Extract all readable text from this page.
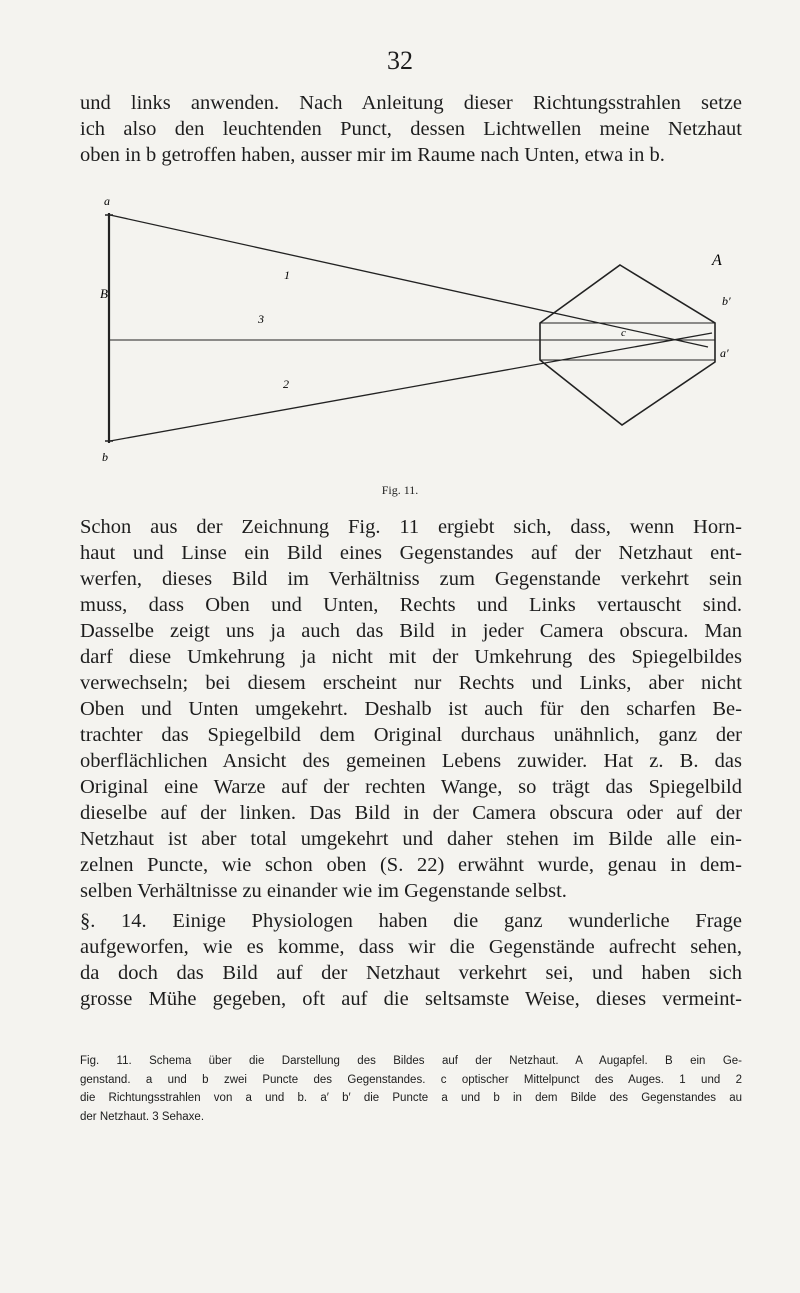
32
und links anwenden. Nach Anleitung dieser Richtungsstrahlen setze
ich also den leuchtenden Punct, dessen Lichtwellen meine Netzhaut
oben in b getroffen haben, ausser mir im Raume nach Unten, etwa in b.
a
B
b
A
1
3
2
c
b′
a′
Fig. 11.
Schon aus der Zeichnung Fig. 11 ergiebt sich, dass, wenn Horn-
haut und Linse ein Bild eines Gegenstandes auf der Netzhaut ent-
werfen, dieses Bild im Verhältniss zum Gegenstande verkehrt sein
muss, dass Oben und Unten, Rechts und Links vertauscht sind.
Dasselbe zeigt uns ja auch das Bild in jeder Camera obscura. Man
darf diese Umkehrung ja nicht mit der Umkehrung des Spiegelbildes
verwechseln; bei diesem erscheint nur Rechts und Links, aber nicht
Oben und Unten umgekehrt. Deshalb ist auch für den scharfen Be-
trachter das Spiegelbild dem Original durchaus unähnlich, ganz der
oberflächlichen Ansicht des gemeinen Lebens zuwider. Hat z. B. das
Original eine Warze auf der rechten Wange, so trägt das Spiegelbild
dieselbe auf der linken. Das Bild in der Camera obscura oder auf der
Netzhaut ist aber total umgekehrt und daher stehen im Bilde alle ein-
zelnen Puncte, wie schon oben (S. 22) erwähnt wurde, genau in dem-
selben Verhältnisse zu einander wie im Gegenstande selbst.
§. 14. Einige Physiologen haben die ganz wunderliche Frage
aufgeworfen, wie es komme, dass wir die Gegenstände aufrecht sehen,
da doch das Bild auf der Netzhaut verkehrt sei, und haben sich
grosse Mühe gegeben, oft auf die seltsamste Weise, dieses vermeint-
Fig. 11. Schema über die Darstellung des Bildes auf der Netzhaut. A Augapfel. B ein Ge-
genstand. a und b zwei Puncte des Gegenstandes. c optischer Mittelpunct des Auges. 1 und 2
die Richtungsstrahlen von a und b. a′ b′ die Puncte a und b in dem Bilde des Gegenstandes au
der Netzhaut. 3 Sehaxe.
